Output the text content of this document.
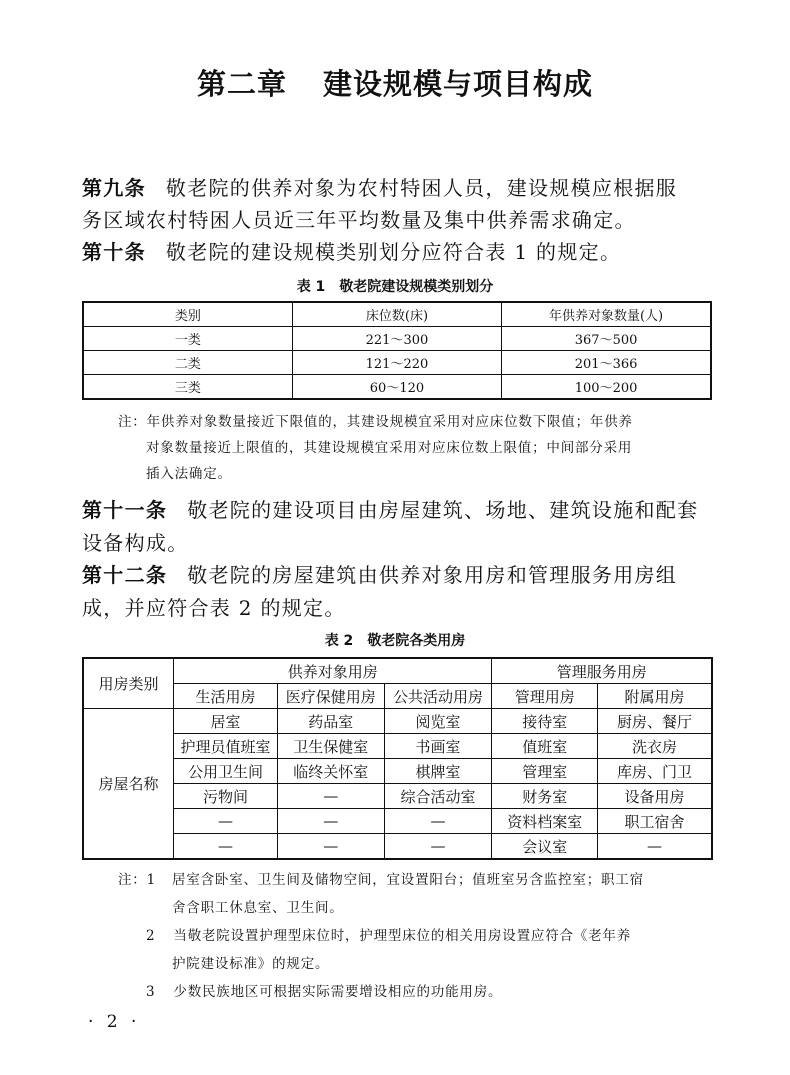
第二章 建设规模与项目构成
第九条 敬老院的供养对象为农村特困人员，建设规模应根据服
务区域农村特困人员近三年平均数量及集中供养需求确定。
第十条 敬老院的建设规模类别划分应符合表 1 的规定。
表 1 敬老院建设规模类别划分
类别	床位数(床)	年供养对象数量(人)
一类	221～300	367～500
二类	121～220	201～366
三类	60～120	100～200
注：年供养对象数量接近下限值的，其建设规模宜采用对应床位数下限值；年供养
对象数量接近上限值的，其建设规模宜采用对应床位数上限值；中间部分采用
插入法确定。
第十一条 敬老院的建设项目由房屋建筑、场地、建筑设施和配套
设备构成。
第十二条 敬老院的房屋建筑由供养对象用房和管理服务用房组
成，并应符合表 2 的规定。
表 2 敬老院各类用房
用房类别	供养对象用房			管理服务用房	
	生活用房	医疗保健用房	公共活动用房	管理用房	附属用房
房屋名称	居室	药品室	阅览室	接待室	厨房、餐厅
	护理员值班室	卫生保健室	书画室	值班室	洗衣房
	公用卫生间	临终关怀室	棋牌室	管理室	库房、门卫
	污物间	—	综合活动室	财务室	设备用房
	—	—	—	资料档案室	职工宿舍
	—	—	—	会议室	—
注：1 居室含卧室、卫生间及储物空间，宜设置阳台；值班室另含监控室；职工宿
舍含职工休息室、卫生间。
2 当敬老院设置护理型床位时，护理型床位的相关用房设置应符合《老年养
护院建设标准》的规定。
3 少数民族地区可根据实际需要增设相应的功能用房。
· 2 ·
